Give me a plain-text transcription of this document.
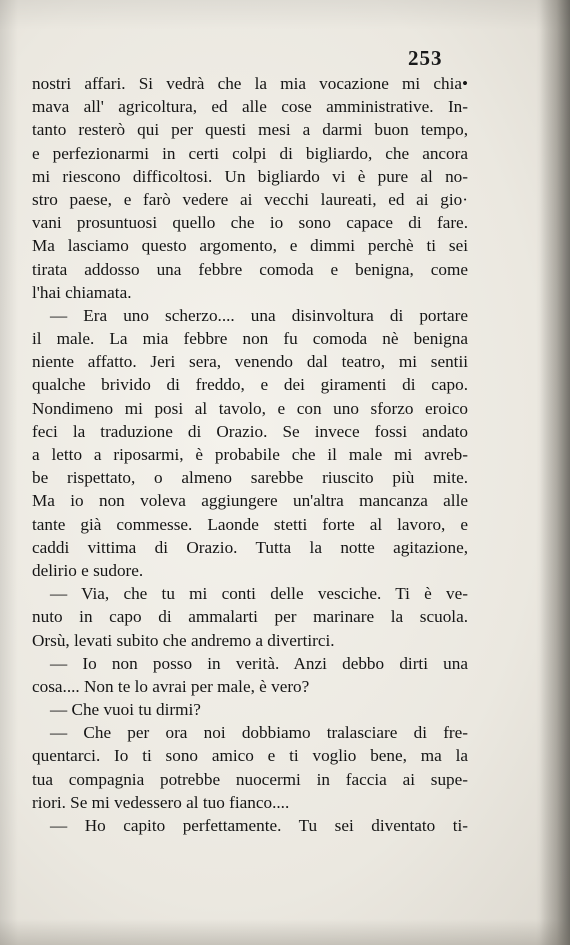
253
nostri affari. Si vedrà che la mia vocazione mi chia•
mava all' agricoltura, ed alle cose amministrative. In-
tanto resterò qui per questi mesi a darmi buon tempo,
e perfezionarmi in certi colpi di bigliardo, che ancora
mi riescono difficoltosi. Un bigliardo vi è pure al no-
stro paese, e farò vedere ai vecchi laureati, ed ai gio·
vani prosuntuosi quello che io sono capace di fare.
Ma lasciamo questo argomento, e dimmi perchè ti sei
tirata addosso una febbre comoda e benigna, come
l'hai chiamata.
— Era uno scherzo.... una disinvoltura di portare
il male. La mia febbre non fu comoda nè benigna
niente affatto. Jeri sera, venendo dal teatro, mi sentii
qualche brivido di freddo, e dei giramenti di capo.
Nondimeno mi posi al tavolo, e con uno sforzo eroico
feci la traduzione di Orazio. Se invece fossi andato
a letto a riposarmi, è probabile che il male mi avreb-
be rispettato, o almeno sarebbe riuscito più mite.
Ma io non voleva aggiungere un'altra mancanza alle
tante già commesse. Laonde stetti forte al lavoro, e
caddi vittima di Orazio. Tutta la notte agitazione,
delirio e sudore.
— Via, che tu mi conti delle vesciche. Ti è ve-
nuto in capo di ammalarti per marinare la scuola.
Orsù, levati subito che andremo a divertirci.
— Io non posso in verità. Anzi debbo dirti una
cosa.... Non te lo avrai per male, è vero?
— Che vuoi tu dirmi?
— Che per ora noi dobbiamo tralasciare di fre-
quentarci. Io ti sono amico e ti voglio bene, ma la
tua compagnia potrebbe nuocermi in faccia ai supe-
riori. Se mi vedessero al tuo fianco....
— Ho capito perfettamente. Tu sei diventato ti-
